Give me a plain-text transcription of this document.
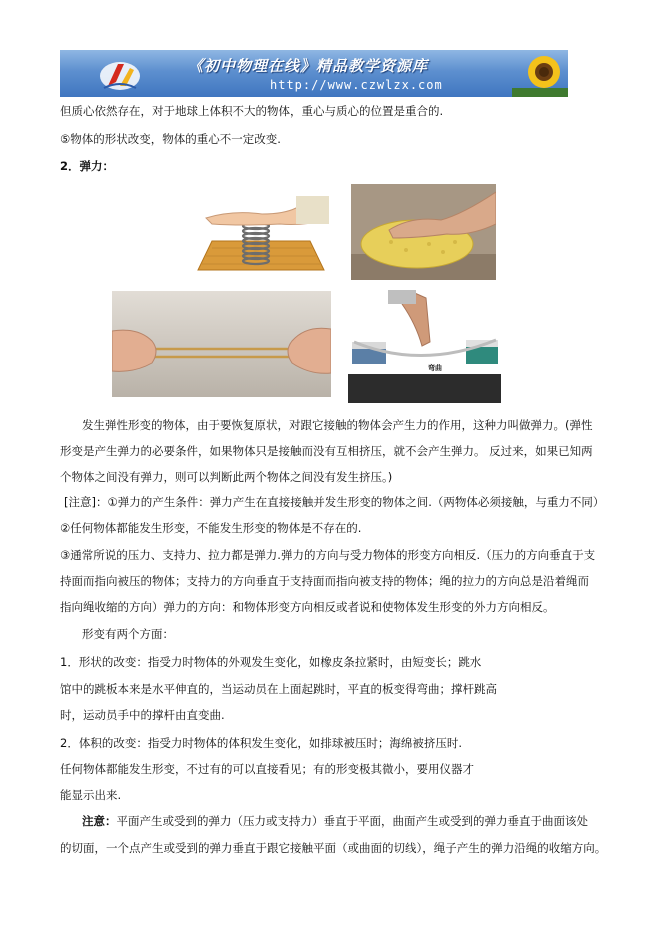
《初中物理在线》精品教学资源库
http://www.czwlzx.com
但质心依然存在，对于地球上体积不大的物体，重心与质心的位置是重合的.
⑤物体的形状改变，物体的重心不一定改变.
2．弹力：
弯曲
发生弹性形变的物体，由于要恢复原状，对跟它接触的物体会产生力的作用，这种力叫做弹力。(弹性
形变是产生弹力的必要条件，如果物体只是接触而没有互相挤压，就不会产生弹力。 反过来，如果已知两
个物体之间没有弹力，则可以判断此两个物体之间没有发生挤压。)
[注意]：①弹力的产生条件：弹力产生在直接接触并发生形变的物体之间.（两物体必须接触，与重力不同）
②任何物体都能发生形变，不能发生形变的物体是不存在的.
③通常所说的压力、支持力、拉力都是弹力.弹力的方向与受力物体的形变方向相反.（压力的方向垂直于支
持面而指向被压的物体；支持力的方向垂直于支持面而指向被支持的物体；绳的拉力的方向总是沿着绳而
指向绳收缩的方向）弹力的方向：和物体形变方向相反或者说和使物体发生形变的外力方向相反。
形变有两个方面：
1．形状的改变：指受力时物体的外观发生变化，如橡皮条拉紧时，由短变长；跳水
馆中的跳板本来是水平伸直的，当运动员在上面起跳时，平直的板变得弯曲；撑杆跳高
时，运动员手中的撑杆由直变曲.
2．体积的改变：指受力时物体的体积发生变化，如排球被压时；海绵被挤压时.
任何物体都能发生形变，不过有的可以直接看见；有的形变极其微小，要用仪器才
能显示出来.
注意：平面产生或受到的弹力（压力或支持力）垂直于平面，曲面产生或受到的弹力垂直于曲面该处
的切面，一个点产生或受到的弹力垂直于跟它接触平面（或曲面的切线），绳子产生的弹力沿绳的收缩方向。
